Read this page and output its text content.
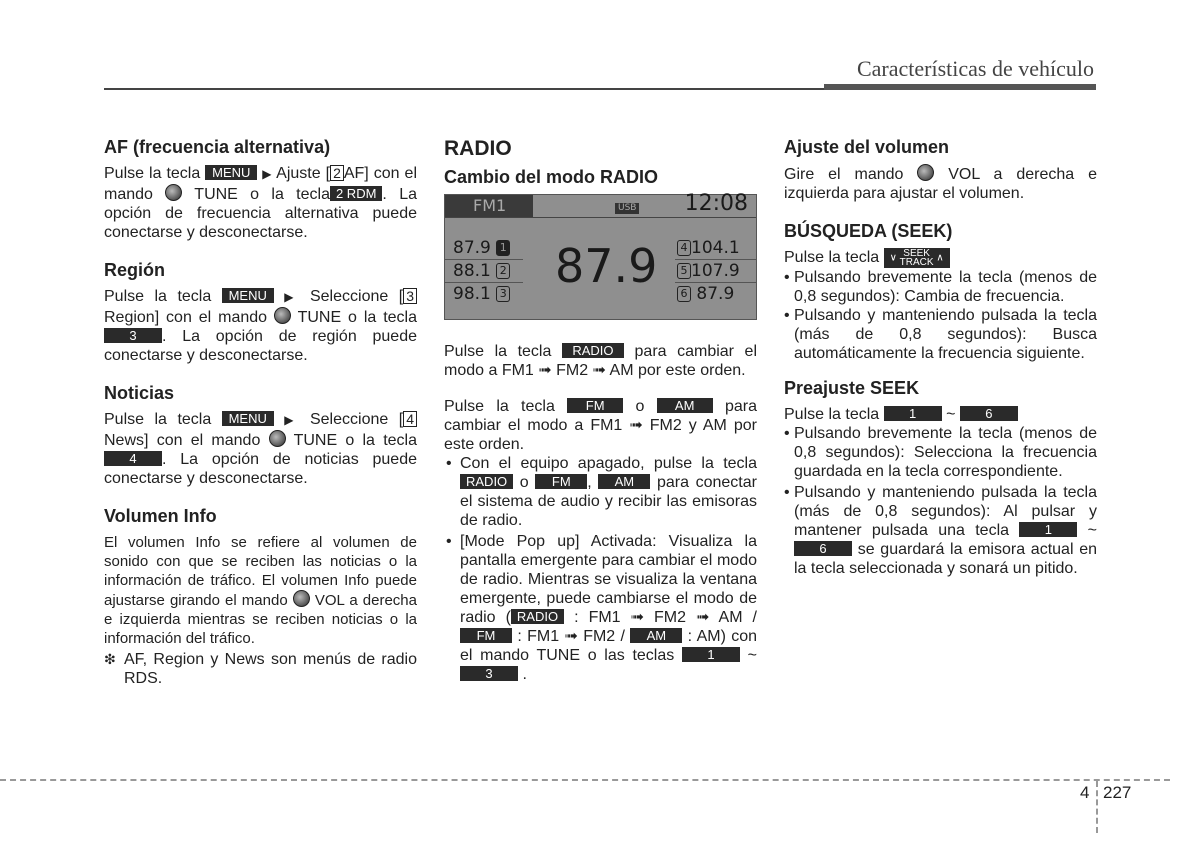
Características de vehículo
AF (frecuencia alternativa)

Pulse la tecla MENU ▶ Ajuste [ 2 AF] con el mando	TUNE o la tecla 2 RDM . La opción de frecuencia alternativa puede conectarse y desconectarse.

Región

Pulse la tecla MENU ▶ Seleccione [ 3 Region] con el mando TUNE o la tecla 3 . La opción de región puede conectarse y desconectarse.

Noticias

Pulse la tecla MENU ▶ Seleccione [ 4 News] con el mando TUNE o la tecla 4 . La opción de noticias puede conectarse y desconectarse.

Volumen Info

El volumen Info se refiere al volumen de sonido con que se reciben las noticias o la información de tráfico. El volumen Info puede ajustarse girando el mando VOL a derecha e izquierda mientras se reciben noticias o la información del tráfico.

❇ AF, Region y News son menús de radio RDS.

RADIO
Cambio del modo RADIO
FM1	USB 12:08
87.9 1
88.1 2
98.1 3
87.9	4 104.1
5 107.9
6 87.9

Pulse la tecla RADIO para cambiar el modo a FM1 ➟ FM2 ➟ AM por este orden.

Pulse la tecla FM o AM para cambiar el modo a FM1 ➟ FM2 y AM por este orden.

• Con el equipo apagado, pulse la tecla RADIO o FM , AM para conectar el sistema de audio y recibir las emisoras de radio.
• [Mode Pop up] Activada: Visualiza la pantalla emergente para cambiar el modo de radio. Mientras se visualiza la ventana emergente, puede cambiarse el modo de radio ( RADIO : FM1 ➟ FM2 ➟ AM / FM : FM1 ➟ FM2 / AM : AM) con el mando TUNE o las teclas	1 ~ 3 .
Ajuste del volumen

Gire el mando	VOL a derecha e izquierda para ajustar el volumen.

BÚSQUEDA (SEEK)

Pulse la tecla ∨ SEEK
TRACK ∧

• Pulsando brevemente la tecla (menos de 0,8 segundos): Cambia de frecuencia.
• Pulsando y manteniendo pulsada la tecla (más de 0,8 segundos): Busca automáticamente la frecuencia siguiente.
Preajuste SEEK

Pulse la tecla 1 ~ 6

• Pulsando brevemente la tecla (menos de 0,8 segundos): Selecciona la frecuencia guardada en la tecla correspondiente.
• Pulsando y manteniendo pulsada la tecla (más de 0,8 segundos): Al pulsar y mantener pulsada una tecla	1 ~ 6 se guardará la emisora actual en la tecla seleccionada y sonará un pitido.
4 227
